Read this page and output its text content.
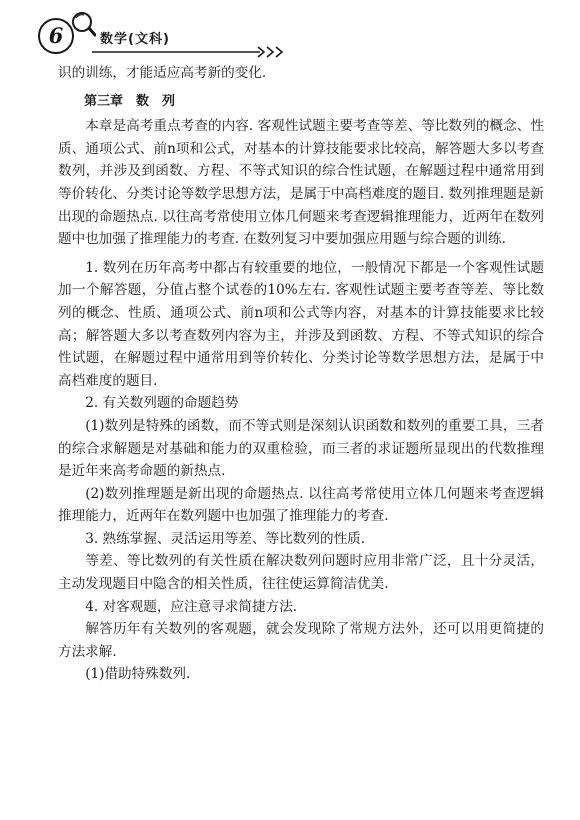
6	数学(文科)

识的训练，才能适应高考新的变化.

第三章　数　列

本章是高考重点考查的内容. 客观性试题主要考查等差、等比数列的概念、性质、通项公式、前n项和公式，对基本的计算技能要求比较高，解答题大多以考查数列，并涉及到函数、方程、不等式知识的综合性试题，在解题过程中通常用到等价转化、分类讨论等数学思想方法，是属于中高档难度的题目. 数列推理题是新出现的命题热点. 以往高考常使用立体几何题来考查逻辑推理能力，近两年在数列题中也加强了推理能力的考查. 在数列复习中要加强应用题与综合题的训练.

1. 数列在历年高考中都占有较重要的地位，一般情况下都是一个客观性试题加一个解答题，分值占整个试卷的10%左右. 客观性试题主要考查等差、等比数列的概念、性质、通项公式、前n项和公式等内容，对基本的计算技能要求比较高；解答题大多以考查数列内容为主，并涉及到函数、方程、不等式知识的综合性试题，在解题过程中通常用到等价转化、分类讨论等数学思想方法，是属于中高档难度的题目.

2. 有关数列题的命题趋势

(1)数列是特殊的函数，而不等式则是深刻认识函数和数列的重要工具，三者的综合求解题是对基础和能力的双重检验，而三者的求证题所显现出的代数推理是近年来高考命题的新热点.

(2)数列推理题是新出现的命题热点. 以往高考常使用立体几何题来考查逻辑推理能力，近两年在数列题中也加强了推理能力的考查.

3. 熟练掌握、灵活运用等差、等比数列的性质.

等差、等比数列的有关性质在解决数列问题时应用非常广泛，且十分灵活，主动发现题目中隐含的相关性质，往往使运算简洁优美.

4. 对客观题，应注意寻求简捷方法.

解答历年有关数列的客观题，就会发现除了常规方法外，还可以用更简捷的方法求解.

(1)借助特殊数列.
